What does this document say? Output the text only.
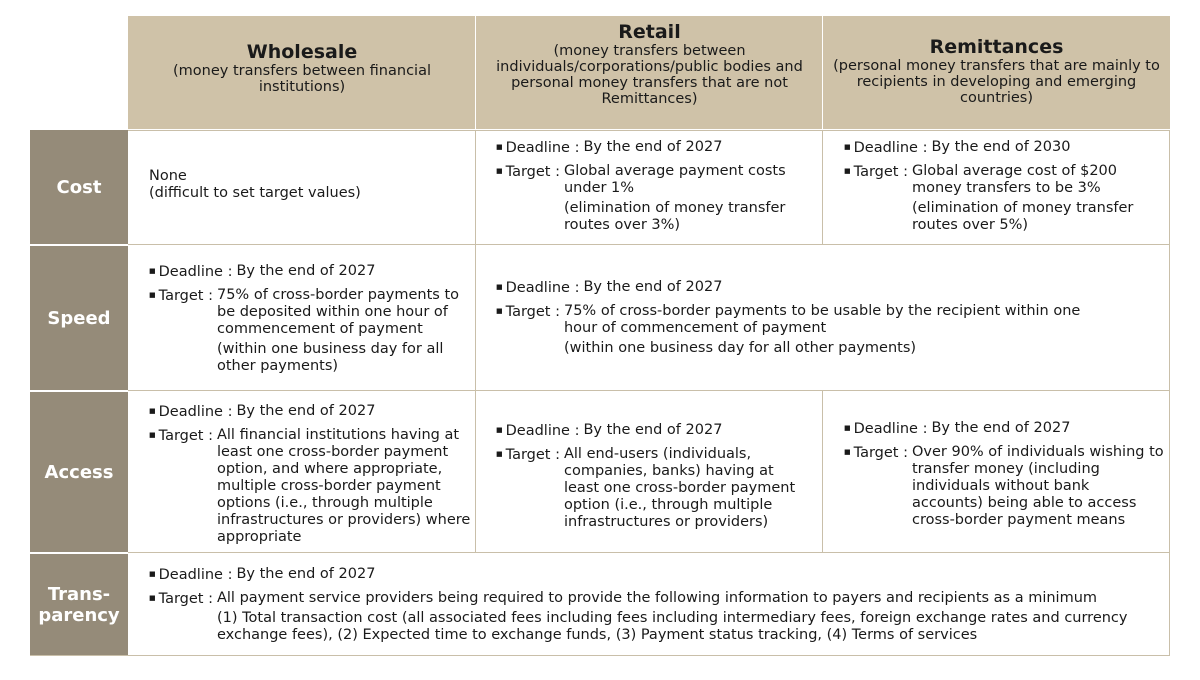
Wholesale
(money transfers between financial institutions)
Retail
(money transfers between individuals/corporations/public bodies and personal money transfers that are not Remittances)
Remittances
(personal money transfers that are mainly to recipients in developing and emerging countries)
Cost
Speed
Access
Trans-
parency
None
(difficult to set target values)
■ Deadline : By the end of 2027
■ Target : Global average payment costs under 1%
(elimination of money transfer routes over 3%)
■ Deadline : By the end of 2030
■ Target : Global average cost of $200 money transfers to be 3%
(elimination of money transfer routes over 5%)
■ Deadline : By the end of 2027
■ Target : 75% of cross-border payments to be deposited within one hour of commencement of payment
(within one business day for all other payments)
■ Deadline : By the end of 2027
■ Target : 75% of cross-border payments to be usable by the recipient within one hour of commencement of payment
(within one business day for all other payments)
■ Deadline : By the end of 2027
■ Target : All financial institutions having at least one cross-border payment option, and where appropriate, multiple cross-border payment options (i.e., through multiple infrastructures or providers) where appropriate
■ Deadline : By the end of 2027
■ Target : All end-users (individuals, companies, banks) having at least one cross-border payment option (i.e., through multiple infrastructures or providers)
■ Deadline : By the end of 2027
■ Target : Over 90% of individuals wishing to transfer money (including individuals without bank accounts) being able to access cross-border payment means
■ Deadline : By the end of 2027
■ Target : All payment service providers being required to provide the following information to payers and recipients as a minimum
(1) Total transaction cost (all associated fees including fees including intermediary fees, foreign exchange rates and currency exchange fees), (2) Expected time to exchange funds, (3) Payment status tracking, (4) Terms of services
